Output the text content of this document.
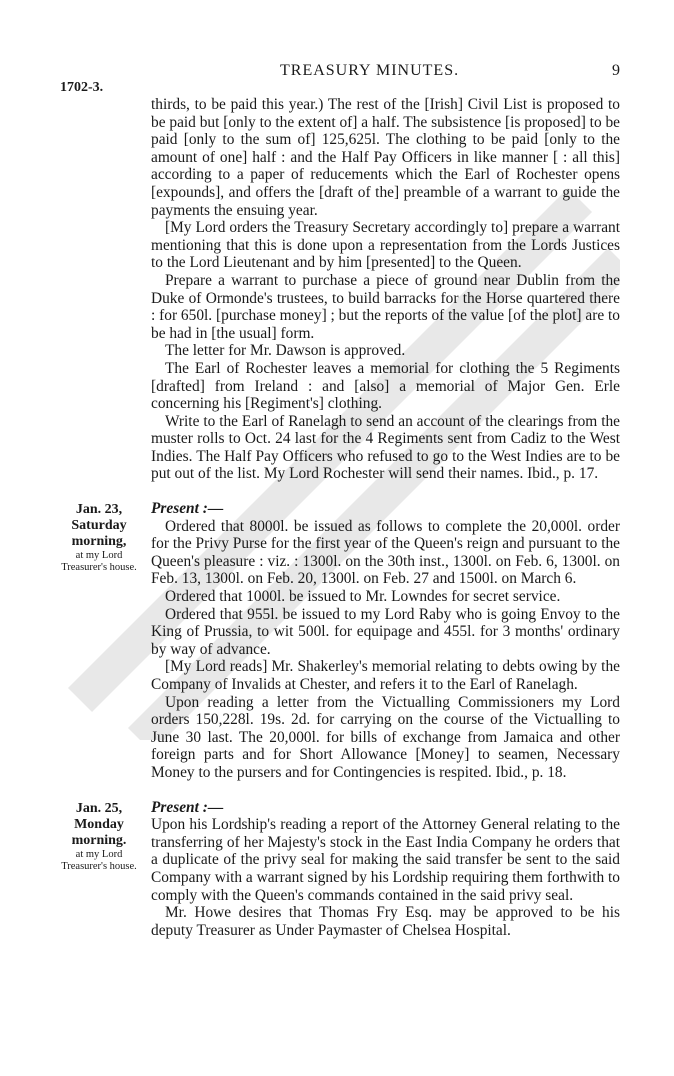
TREASURY MINUTES.	9
1702-3.

thirds, to be paid this year.) The rest of the [Irish] Civil List is proposed to be paid but [only to the extent of] a half. The subsistence [is proposed] to be paid [only to the sum of] 125,625l. The clothing to be paid [only to the amount of one] half : and the Half Pay Officers in like manner [ : all this] according to a paper of reducements which the Earl of Rochester opens [expounds], and offers the [draft of the] preamble of a warrant to guide the payments the ensuing year.

[My Lord orders the Treasury Secretary accordingly to] prepare a warrant mentioning that this is done upon a representation from the Lords Justices to the Lord Lieutenant and by him [presented] to the Queen.

Prepare a warrant to purchase a piece of ground near Dublin from the Duke of Ormonde's trustees, to build barracks for the Horse quartered there : for 650l. [purchase money] ; but the reports of the value [of the plot] are to be had in [the usual] form.

The letter for Mr. Dawson is approved.

The Earl of Rochester leaves a memorial for clothing the 5 Regiments [drafted] from Ireland : and [also] a memorial of Major Gen. Erle concerning his [Regiment's] clothing.

Write to the Earl of Ranelagh to send an account of the clearings from the muster rolls to Oct. 24 last for the 4 Regiments sent from Cadiz to the West Indies. The Half Pay Officers who refused to go to the West Indies are to be put out of the list. My Lord Rochester will send their names. Ibid., p. 17.

Jan. 23,
Saturday
morning,
at my Lord Treasurer's house.

Present :—

Ordered that 8000l. be issued as follows to complete the 20,000l. order for the Privy Purse for the first year of the Queen's reign and pursuant to the Queen's pleasure : viz. : 1300l. on the 30th inst., 1300l. on Feb. 6, 1300l. on Feb. 13, 1300l. on Feb. 20, 1300l. on Feb. 27 and 1500l. on March 6.

Ordered that 1000l. be issued to Mr. Lowndes for secret service.

Ordered that 955l. be issued to my Lord Raby who is going Envoy to the King of Prussia, to wit 500l. for equipage and 455l. for 3 months' ordinary by way of advance.

[My Lord reads] Mr. Shakerley's memorial relating to debts owing by the Company of Invalids at Chester, and refers it to the Earl of Ranelagh.

Upon reading a letter from the Victualling Commissioners my Lord orders 150,228l. 19s. 2d. for carrying on the course of the Victualling to June 30 last. The 20,000l. for bills of exchange from Jamaica and other foreign parts and for Short Allowance [Money] to seamen, Necessary Money to the pursers and for Contingencies is respited. Ibid., p. 18.

Jan. 25,
Monday
morning.
at my Lord Treasurer's house.

Present :—

Upon his Lordship's reading a report of the Attorney General relating to the transferring of her Majesty's stock in the East India Company he orders that a duplicate of the privy seal for making the said transfer be sent to the said Company with a warrant signed by his Lordship requiring them forthwith to comply with the Queen's commands contained in the said privy seal.

Mr. Howe desires that Thomas Fry Esq. may be approved to be his deputy Treasurer as Under Paymaster of Chelsea Hospital.
